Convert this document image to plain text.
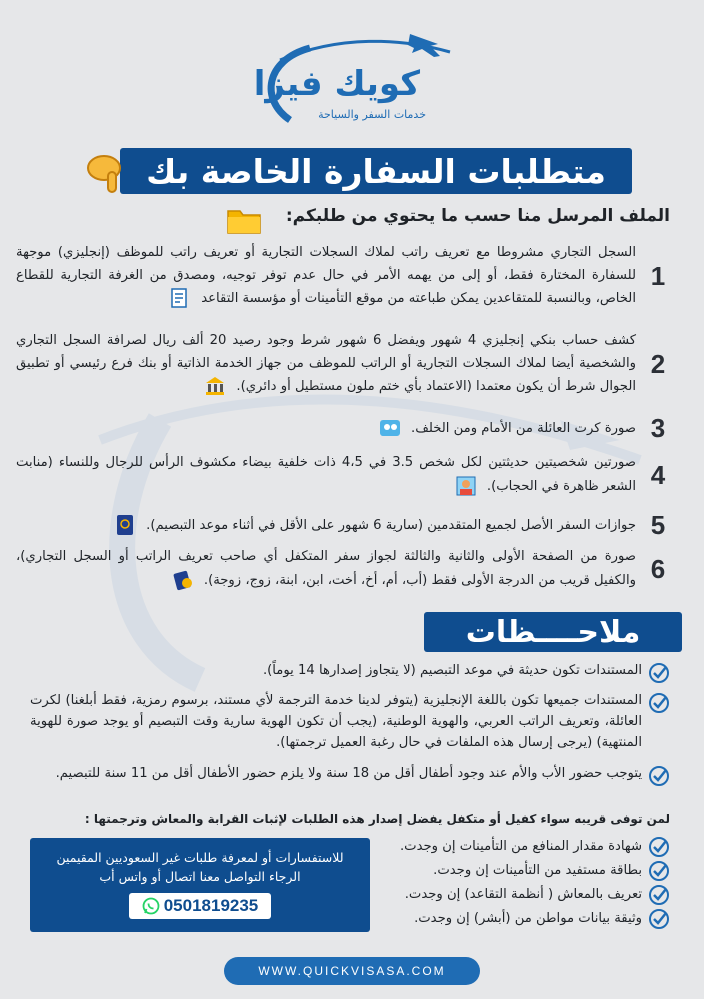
كويك فيزا
خدمات السفر والسياحة
متطلبات السفارة الخاصة بك
الملف المرسل منا حسب ما يحتوي من طلبكم:
1
السجل التجاري مشروطا مع تعريف راتب لملاك السجلات التجارية أو تعريف راتب للموظف (إنجليزي) موجهة للسفارة المختارة فقط، أو إلى من يهمه الأمر في حال عدم توفر توجيه، ومصدق من الغرفة التجارية للقطاع الخاص، وبالنسبة للمتقاعدين يمكن طباعته من موقع التأمينات أو مؤسسة التقاعد
2
كشف حساب بنكي إنجليزي 4 شهور ويفضل 6 شهور شرط وجود رصيد 20 ألف ريال لصرافة السجل التجاري والشخصية أيضا لملاك السجلات التجارية أو الراتب للموظف من جهاز الخدمة الذاتية أو بنك فرع رئيسي أو تطبيق الجوال شرط أن يكون معتمدا (الاعتماد بأي ختم ملون مستطيل أو دائري).
3
صورة كرت العائلة من الأمام ومن الخلف.
4
صورتين شخصيتين حديثتين لكل شخص 3.5 في 4،5 ذات خلفية بيضاء مكشوف الرأس للرجال وللنساء (منابت الشعر ظاهرة في الحجاب).
5
جوازات السفر الأصل لجميع المتقدمين (سارية 6 شهور على الأقل في أثناء موعد التبصيم).
6
صورة من الصفحة الأولى والثانية والثالثة لجواز سفر المتكفل أي صاحب تعريف الراتب أو السجل التجاري)، والكفيل قريب من الدرجة الأولى فقط (أب، أم، أخ، أخت، ابن، ابنة، زوج، زوجة).
ملاحــــظات
المستندات تكون حديثة في موعد التبصيم (لا يتجاوز إصدارها 14 يوماً).
المستندات جميعها تكون باللغة الإنجليزية (يتوفر لدينا خدمة الترجمة لأي مستند، برسوم رمزية، فقط أبلغنا) لكرت العائلة، وتعريف الراتب العربي، والهوية الوطنية، (يجب أن تكون الهوية سارية وقت التبصيم أو يوجد صورة للهوية المنتهية) (يرجى إرسال هذه الملفات في حال رغبة العميل ترجمتها).
يتوجب حضور الأب والأم عند وجود أطفال أقل من 18 سنة ولا يلزم حضور الأطفال أقل من 11 سنة للتبصيم.
لمن توفى قريبه سواء كفيل أو متكفل يفضل إصدار هذه الطلبات لإثبات القرابة والمعاش وترجمتها :
شهادة مقدار المنافع من التأمينات إن وجدت.
بطاقة مستفيد من التأمينات إن وجدت.
تعريف بالمعاش ( أنظمة التقاعد) إن وجدت.
وثيقة بيانات مواطن من (أبشر) إن وجدت.
للاستفسارات أو لمعرفة طلبات غير السعوديين المقيمين
الرجاء التواصل معنا اتصال أو واتس أب
0501819235
WWW.QUICKVISASA.COM
